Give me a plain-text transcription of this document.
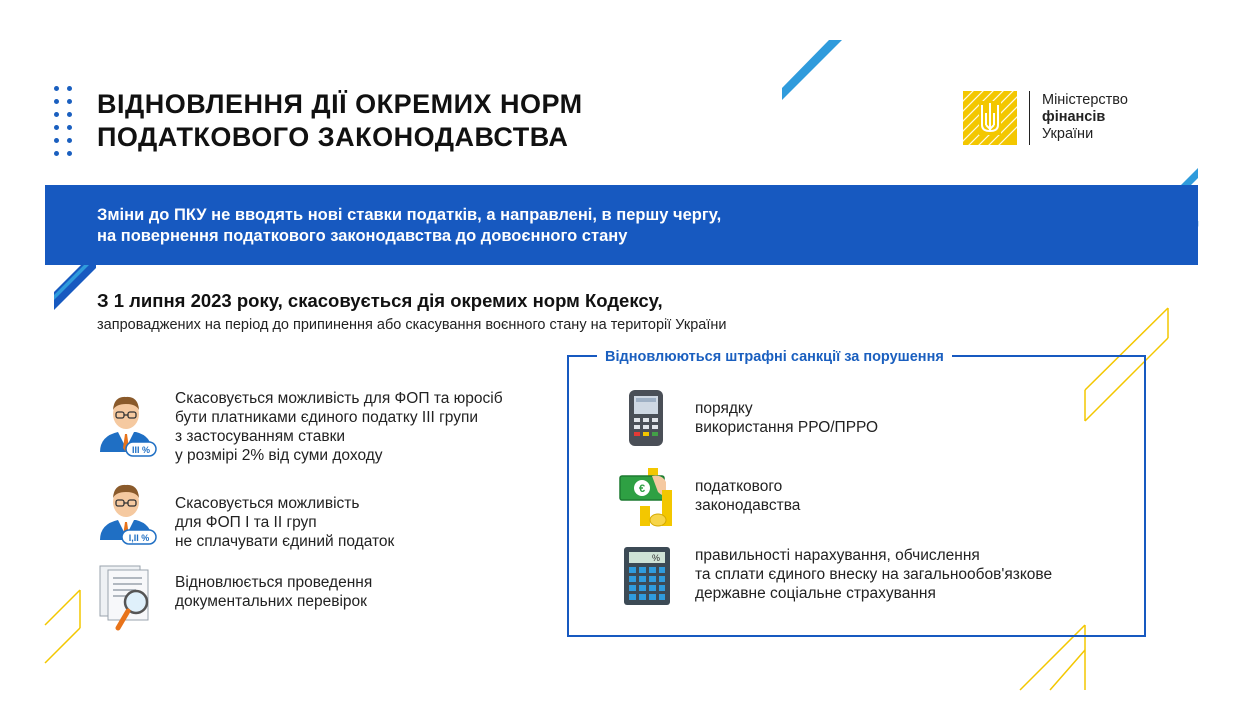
ВІДНОВЛЕННЯ ДІЇ ОКРЕМИХ НОРМ
ПОДАТКОВОГО ЗАКОНОДАВСТВА
Міністерство
фінансів
України
Зміни до ПКУ не вводять нові ставки податків, а направлені, в першу чергу,
на повернення податкового законодавства до довоєнного стану
З 1 липня 2023 року, скасовується дія окремих норм Кодексу,
запроваджених на період до припинення або скасування воєнного стану на території України
III %
Скасовується можливість для ФОП та юросіб
бути платниками єдиного податку ІІІ групи
з застосуванням ставки
у розмірі 2% від суми доходу
I,II %
Скасовується можливість
для ФОП І та ІІ груп
не сплачувати єдиний податок
Відновлюється проведення
документальних перевірок
Відновлюються штрафні санкції за порушення
порядку
використання РРО/ПРРО
€	податкового
законодавства
% правильності нарахування, обчислення
та сплати єдиного внеску на загальнообов'язкове
державне соціальне страхування
